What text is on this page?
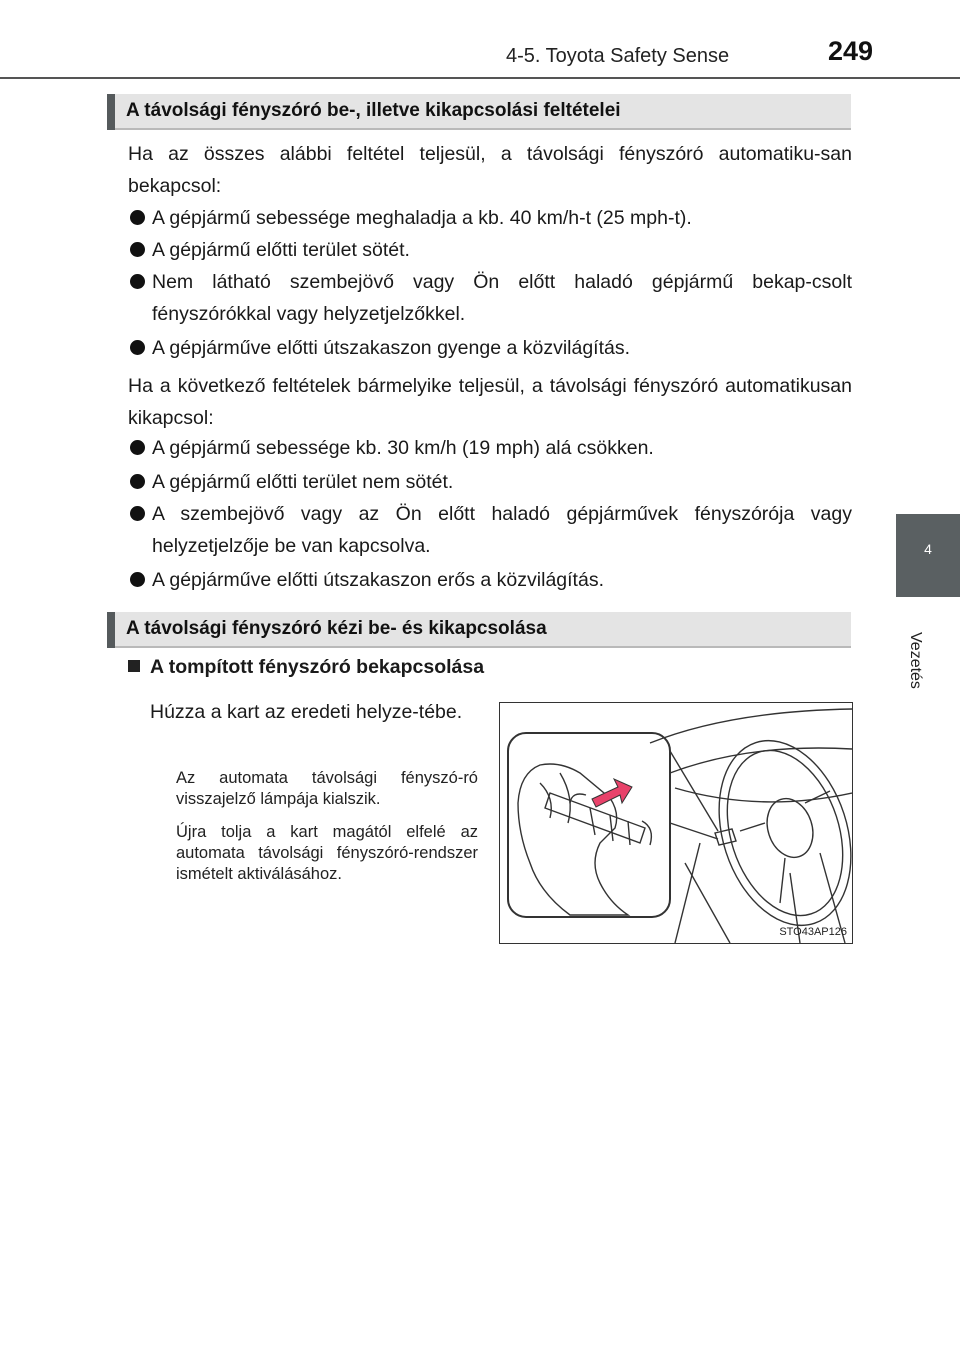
4-5. Toyota Safety Sense	249
4
Vezetés
A távolsági fényszóró be-, illetve kikapcsolási feltételei
Ha az összes alábbi feltétel teljesül, a távolsági fényszóró automatiku-san bekapcsol:
A gépjármű sebessége meghaladja a kb. 40 km/h-t (25 mph-t).
A gépjármű előtti terület sötét.
Nem látható szembejövő vagy Ön előtt haladó gépjármű bekap-csolt fényszórókkal vagy helyzetjelzőkkel.
A gépjárműve előtti útszakaszon gyenge a közvilágítás.
Ha a következő feltételek bármelyike teljesül, a távolsági fényszóró automatikusan kikapcsol:
A gépjármű sebessége kb. 30 km/h (19 mph) alá csökken.
A gépjármű előtti terület nem sötét.
A szembejövő vagy az Ön előtt haladó gépjárművek fényszórója vagy helyzetjelzője be van kapcsolva.
A gépjárműve előtti útszakaszon erős a közvilágítás.
A távolsági fényszóró kézi be- és kikapcsolása
A tompított fényszóró bekapcsolása
Húzza a kart az eredeti helyze-tébe.
Az automata távolsági fényszó-ró visszajelző lámpája kialszik.
Újra tolja a kart magától elfelé az automata távolsági fényszóró-rendszer ismételt aktiválásához.
STO43AP126
